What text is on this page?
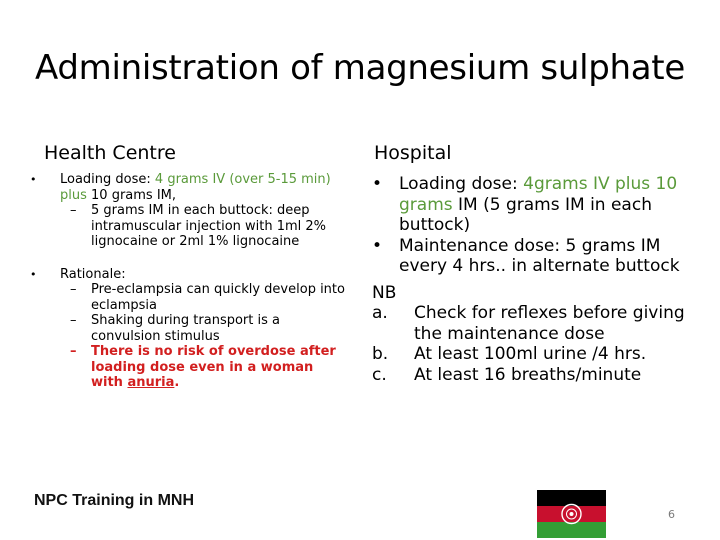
Administration of magnesium sulphate
Health Centre	Hospital
• Loading dose: 4 grams IV (over 5-15 min) plus 10 grams IM,
– 5 grams IM in each buttock: deep intramuscular injection with 1ml 2% lignocaine or 2ml 1% lignocaine
• Rationale:
– Pre-eclampsia can quickly develop into eclampsia
– Shaking during transport is a convulsion stimulus
– There is no risk of overdose after loading dose even in a woman with anuria.
• Loading dose: 4grams IV plus 10 grams IM (5 grams IM in each buttock)
• Maintenance dose: 5 grams IM every 4 hrs.. in alternate buttock
NB
a. Check for reflexes before giving the maintenance dose
b. At least 100ml urine /4 hrs.
c. At least 16 breaths/minute
NPC Training in MNH
6
